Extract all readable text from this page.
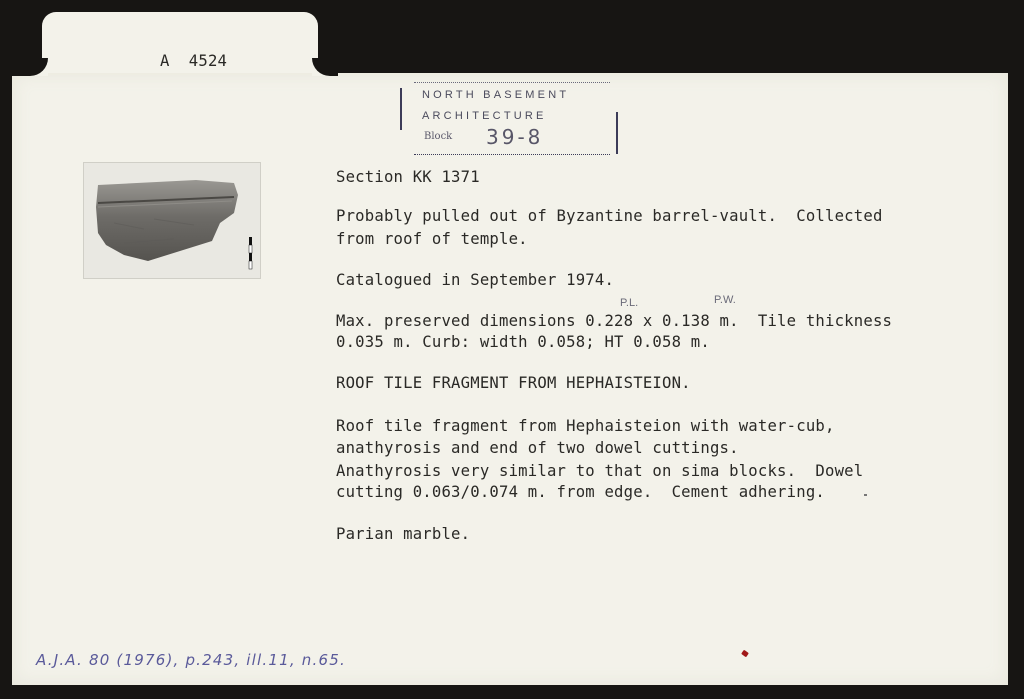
A  4524
NORTH BASEMENT
ARCHITECTURE
Block 39-8
Section KK 1371
Probably pulled out of Byzantine barrel-vault.  Collected
from roof of temple.
Catalogued in September 1974.
P.L.	P.W.
Max. preserved dimensions 0.228 x 0.138 m.  Tile thickness
0.035 m. Curb: width 0.058; HT 0.058 m.
ROOF TILE FRAGMENT FROM HEPHAISTEION.
Roof tile fragment from Hephaisteion with water-cub,
anathyrosis and end of two dowel cuttings.
Anathyrosis very similar to that on sima blocks.  Dowel
cutting 0.063/0.074 m. from edge.  Cement adhering.
Parian marble.
A.J.A. 80 (1976), p.243, ill.11, n.65.
